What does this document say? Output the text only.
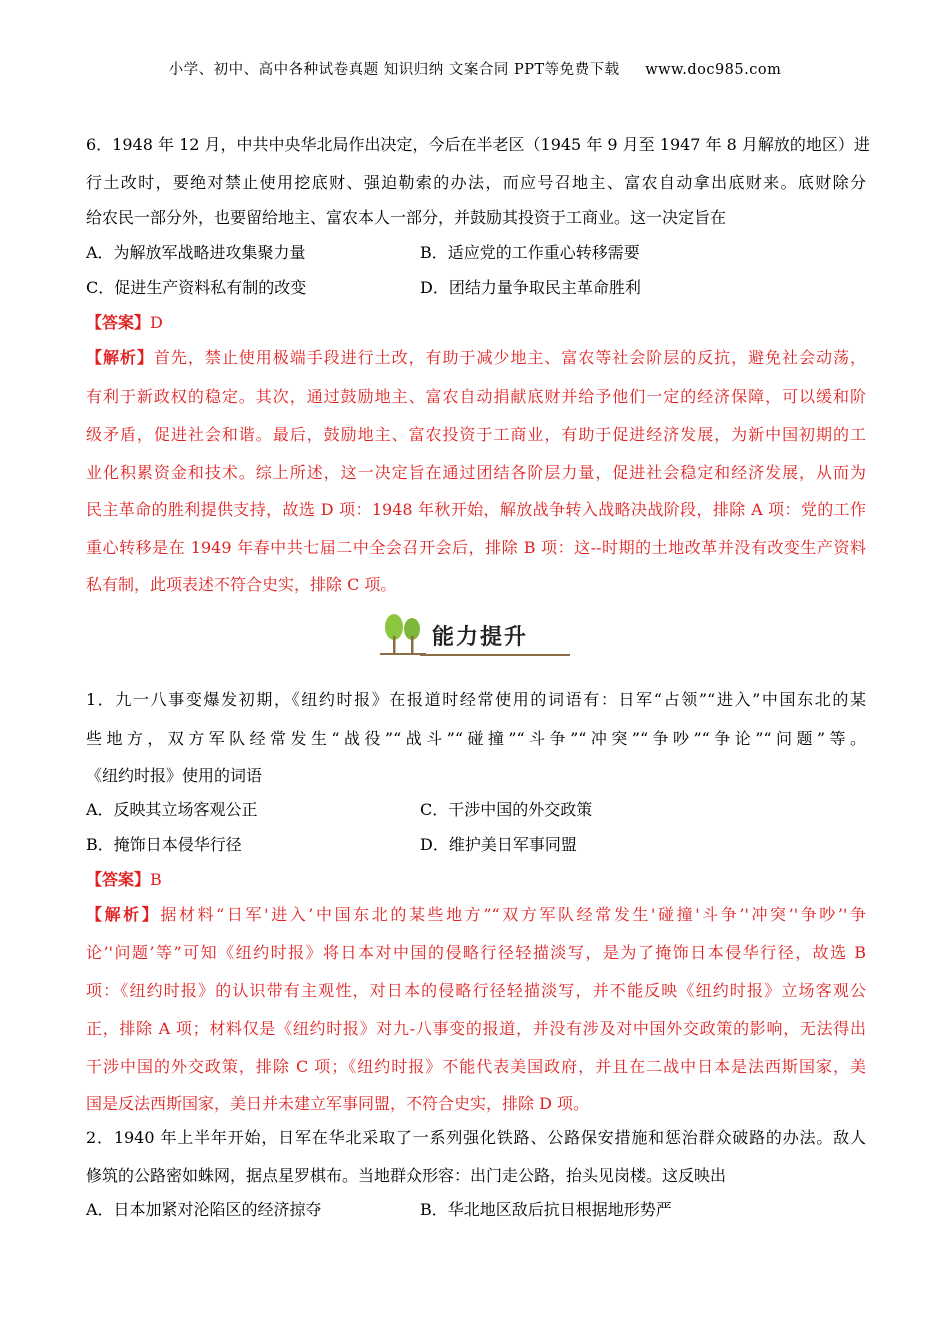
小学、初中、高中各种试卷真题 知识归纳 文案合同 PPT等免费下载     www.doc985.com
6．1948 年 12 月，中共中央华北局作出决定，今后在半老区（1945 年 9 月至 1947 年 8 月解放的地区）进
行土改时，要绝对禁止使用挖底财、强迫勒索的办法，而应号召地主、富农自动拿出底财来。底财除分
给农民一部分外，也要留给地主、富农本人一部分，并鼓励其投资于工商业。这一决定旨在
A．为解放军战略进攻集聚力量	B．适应党的工作重心转移需要
C．促进生产资料私有制的改变	D．团结力量争取民主革命胜利
【答案】D
【解析】首先，禁止使用极端手段进行土改，有助于减少地主、富农等社会阶层的反抗，避免社会动荡，
有利于新政权的稳定。其次，通过鼓励地主、富农自动捐献底财并给予他们一定的经济保障，可以缓和阶
级矛盾，促进社会和谐。最后，鼓励地主、富农投资于工商业，有助于促进经济发展，为新中国初期的工
业化积累资金和技术。综上所述，这一决定旨在通过团结各阶层力量，促进社会稳定和经济发展，从而为
民主革命的胜利提供支持，故选 D 项：1948 年秋开始，解放战争转入战略决战阶段，排除 A 项：党的工作
重心转移是在 1949 年春中共七届二中全会召开会后，排除 B 项：这--时期的土地改革并没有改变生产资料
私有制，此项表述不符合史实，排除 C 项。
1．九一八事变爆发初期，《纽约时报》在报道时经常使用的词语有：日军“占领”“进入”中国东北的某
些地方，双方军队经常发生“战役”“战斗”“碰撞”“斗争”“冲突”“争吵”“争论”“问题”等。
《纽约时报》使用的词语
A．反映其立场客观公正	C．干涉中国的外交政策
B．掩饰日本侵华行径	D．维护美日军事同盟
【答案】B
【解析】据材料“日军'进入’中国东北的某些地方”“双方军队经常发生'碰撞'斗争’'冲突’'争吵’'争
论’'问题’等”可知《纽约时报》将日本对中国的侵略行径轻描淡写，是为了掩饰日本侵华行径，故选 B
项：《纽约时报》的认识带有主观性，对日本的侵略行径轻描淡写，并不能反映《纽约时报》立场客观公
正，排除 A 项；材料仅是《纽约时报》对九-八事变的报道，并没有涉及对中国外交政策的影响，无法得出
干涉中国的外交政策，排除 C 项；《纽约时报》不能代表美国政府，并且在二战中日本是法西斯国家，美
国是反法西斯国家，美日并未建立军事同盟，不符合史实，排除 D 项。
2．1940 年上半年开始，日军在华北采取了一系列强化铁路、公路保安措施和惩治群众破路的办法。敌人
修筑的公路密如蛛网，据点星罗棋布。当地群众形容：出门走公路，抬头见岗楼。这反映出
A．日本加紧对沦陷区的经济掠夺	B．华北地区敌后抗日根据地形势严
能力提升
